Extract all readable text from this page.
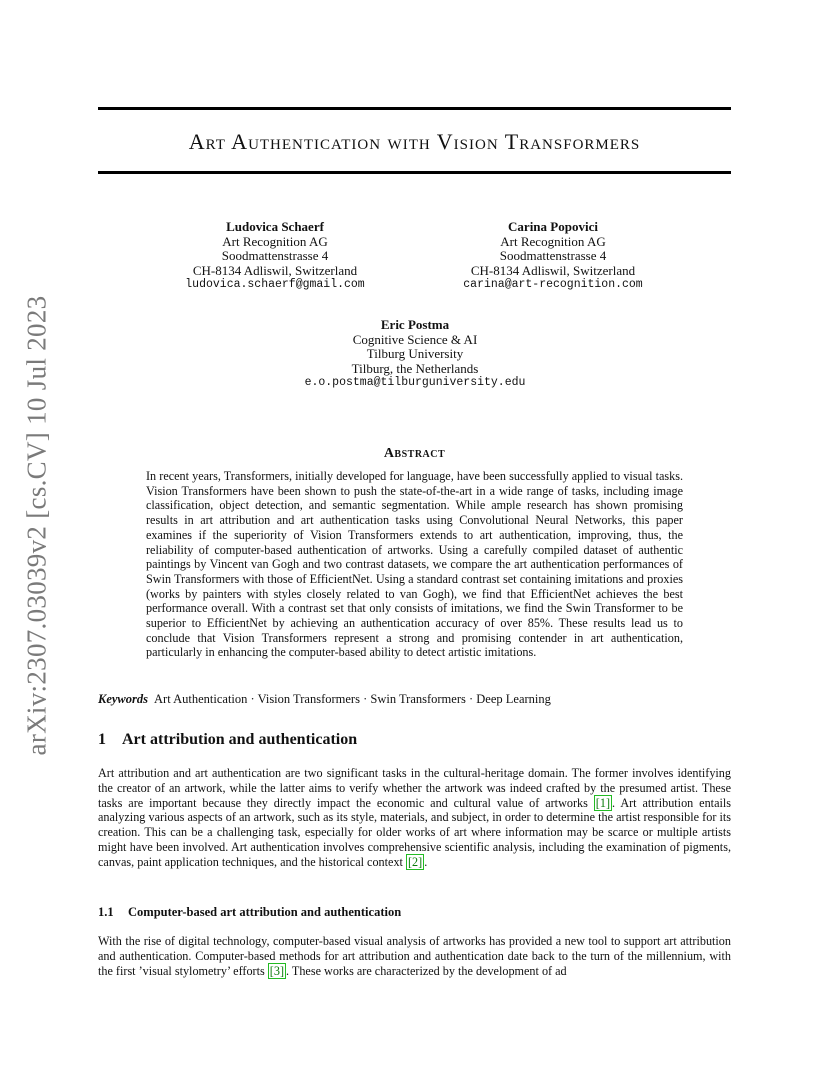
arXiv:2307.03039v2 [cs.CV] 10 Jul 2023
Art Authentication with Vision Transformers
Ludovica Schaerf
Art Recognition AG
Soodmattenstrasse 4
CH-8134 Adliswil, Switzerland
ludovica.schaerf@gmail.com
Carina Popovici
Art Recognition AG
Soodmattenstrasse 4
CH-8134 Adliswil, Switzerland
carina@art-recognition.com
Eric Postma
Cognitive Science & AI
Tilburg University
Tilburg, the Netherlands
e.o.postma@tilburguniversity.edu
Abstract
In recent years, Transformers, initially developed for language, have been successfully applied to visual tasks. Vision Transformers have been shown to push the state-of-the-art in a wide range of tasks, including image classification, object detection, and semantic segmentation. While ample research has shown promising results in art attribution and art authentication tasks using Convolutional Neural Networks, this paper examines if the superiority of Vision Transformers extends to art authentication, improving, thus, the reliability of computer-based authentication of artworks. Using a carefully compiled dataset of authentic paintings by Vincent van Gogh and two contrast datasets, we compare the art authentication performances of Swin Transformers with those of EfficientNet. Using a standard contrast set containing imitations and proxies (works by painters with styles closely related to van Gogh), we find that EfficientNet achieves the best performance overall. With a contrast set that only consists of imitations, we find the Swin Transformer to be superior to EfficientNet by achieving an authentication accuracy of over 85%. These results lead us to conclude that Vision Transformers represent a strong and promising contender in art authentication, particularly in enhancing the computer-based ability to detect artistic imitations.
Keywords Art Authentication · Vision Transformers · Swin Transformers · Deep Learning
1 Art attribution and authentication
Art attribution and art authentication are two significant tasks in the cultural-heritage domain. The former involves identifying the creator of an artwork, while the latter aims to verify whether the artwork was indeed crafted by the presumed artist. These tasks are important because they directly impact the economic and cultural value of artworks [1] . Art attribution entails analyzing various aspects of an artwork, such as its style, materials, and subject, in order to determine the artist responsible for its creation. This can be a challenging task, especially for older works of art where information may be scarce or multiple artists might have been involved. Art authentication involves comprehensive scientific analysis, including the examination of pigments, canvas, paint application techniques, and the historical context [2] .
1.1 Computer-based art attribution and authentication
With the rise of digital technology, computer-based visual analysis of artworks has provided a new tool to support art attribution and authentication. Computer-based methods for art attribution and authentication date back to the turn of the millennium, with the first ’visual stylometry’ efforts [3] . These works are characterized by the development of ad
